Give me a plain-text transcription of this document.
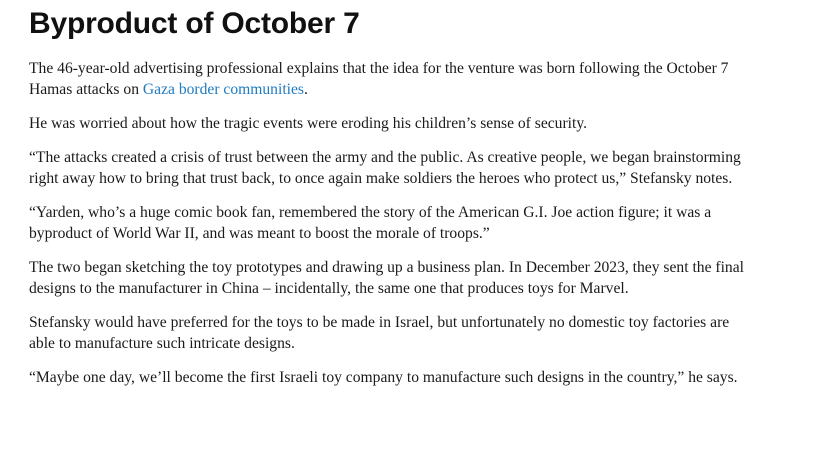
Byproduct of October 7

The 46-year-old advertising professional explains that the idea for the venture was born following the October 7 Hamas attacks on Gaza border communities.

He was worried about how the tragic events were eroding his children’s sense of security.

“The attacks created a crisis of trust between the army and the public. As creative people, we began brainstorming right away how to bring that trust back, to once again make soldiers the heroes who protect us,” Stefansky notes.

“Yarden, who’s a huge comic book fan, remembered the story of the American G.I. Joe action figure; it was a byproduct of World War II, and was meant to boost the morale of troops.”

The two began sketching the toy prototypes and drawing up a business plan. In December 2023, they sent the final designs to the manufacturer in China – incidentally, the same one that produces toys for Marvel.

Stefansky would have preferred for the toys to be made in Israel, but unfortunately no domestic toy factories are able to manufacture such intricate designs.

“Maybe one day, we’ll become the first Israeli toy company to manufacture such designs in the country,” he says.
